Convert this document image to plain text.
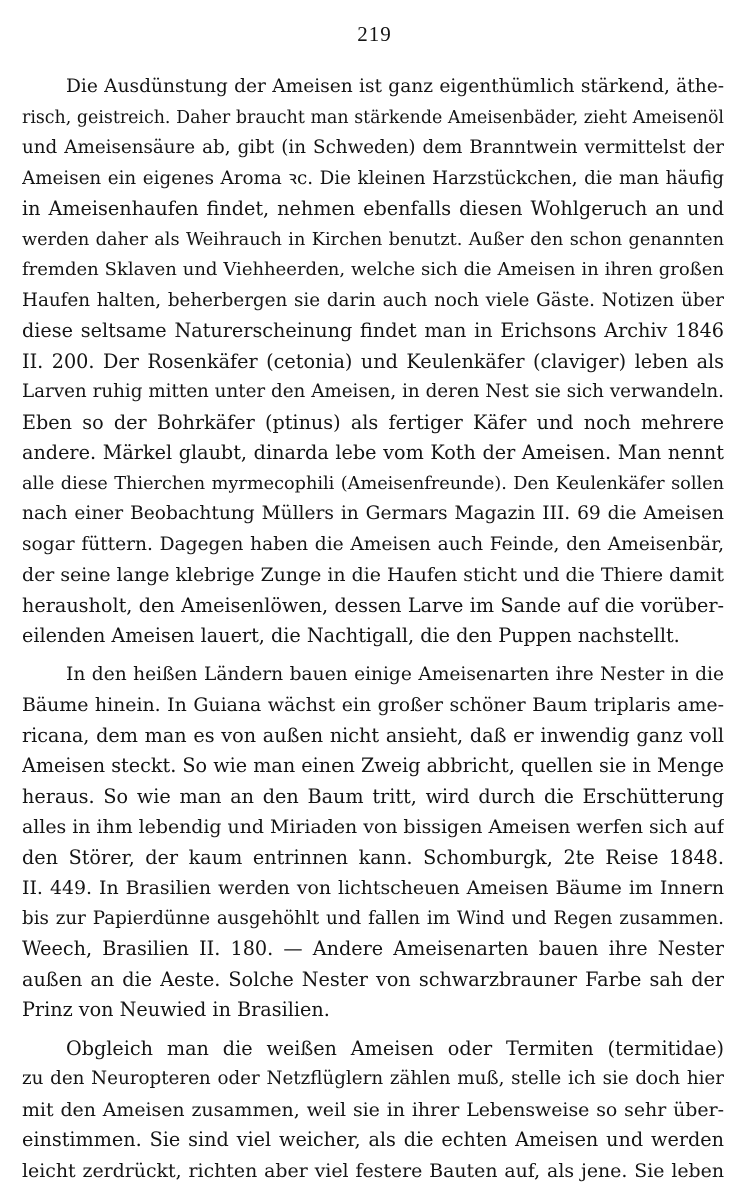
219
Die Ausdünstung der Ameisen ist ganz eigenthümlich stärkend, äthe-
risch, geistreich. Daher braucht man stärkende Ameisenbäder, zieht Ameisenöl
und Ameisensäure ab, gibt (in Schweden) dem Branntwein vermittelst der
Ameisen ein eigenes Aroma ꝛc. Die kleinen Harzstückchen, die man häufig
in Ameisenhaufen findet, nehmen ebenfalls diesen Wohlgeruch an und
werden daher als Weihrauch in Kirchen benutzt. Außer den schon genannten
fremden Sklaven und Viehheerden, welche sich die Ameisen in ihren großen
Haufen halten, beherbergen sie darin auch noch viele Gäste. Notizen über
diese seltsame Naturerscheinung findet man in Erichsons Archiv 1846
II. 200. Der Rosenkäfer (cetonia) und Keulenkäfer (claviger) leben als
Larven ruhig mitten unter den Ameisen, in deren Nest sie sich verwandeln.
Eben so der Bohrkäfer (ptinus) als fertiger Käfer und noch mehrere
andere. Märkel glaubt, dinarda lebe vom Koth der Ameisen. Man nennt
alle diese Thierchen myrmecophili (Ameisenfreunde). Den Keulenkäfer sollen
nach einer Beobachtung Müllers in Germars Magazin III. 69 die Ameisen
sogar füttern. Dagegen haben die Ameisen auch Feinde, den Ameisenbär,
der seine lange klebrige Zunge in die Haufen sticht und die Thiere damit
herausholt, den Ameisenlöwen, dessen Larve im Sande auf die vorüber-
eilenden Ameisen lauert, die Nachtigall, die den Puppen nachstellt.
In den heißen Ländern bauen einige Ameisenarten ihre Nester in die
Bäume hinein. In Guiana wächst ein großer schöner Baum triplaris ame-
ricana, dem man es von außen nicht ansieht, daß er inwendig ganz voll
Ameisen steckt. So wie man einen Zweig abbricht, quellen sie in Menge
heraus. So wie man an den Baum tritt, wird durch die Erschütterung
alles in ihm lebendig und Miriaden von bissigen Ameisen werfen sich auf
den Störer, der kaum entrinnen kann. Schomburgk, 2te Reise 1848.
II. 449. In Brasilien werden von lichtscheuen Ameisen Bäume im Innern
bis zur Papierdünne ausgehöhlt und fallen im Wind und Regen zusammen.
Weech, Brasilien II. 180. — Andere Ameisenarten bauen ihre Nester
außen an die Aeste. Solche Nester von schwarzbrauner Farbe sah der
Prinz von Neuwied in Brasilien.
Obgleich man die weißen Ameisen oder Termiten (termitidae)
zu den Neuropteren oder Netzflüglern zählen muß, stelle ich sie doch hier
mit den Ameisen zusammen, weil sie in ihrer Lebensweise so sehr über-
einstimmen. Sie sind viel weicher, als die echten Ameisen und werden
leicht zerdrückt, richten aber viel festere Bauten auf, als jene. Sie leben
